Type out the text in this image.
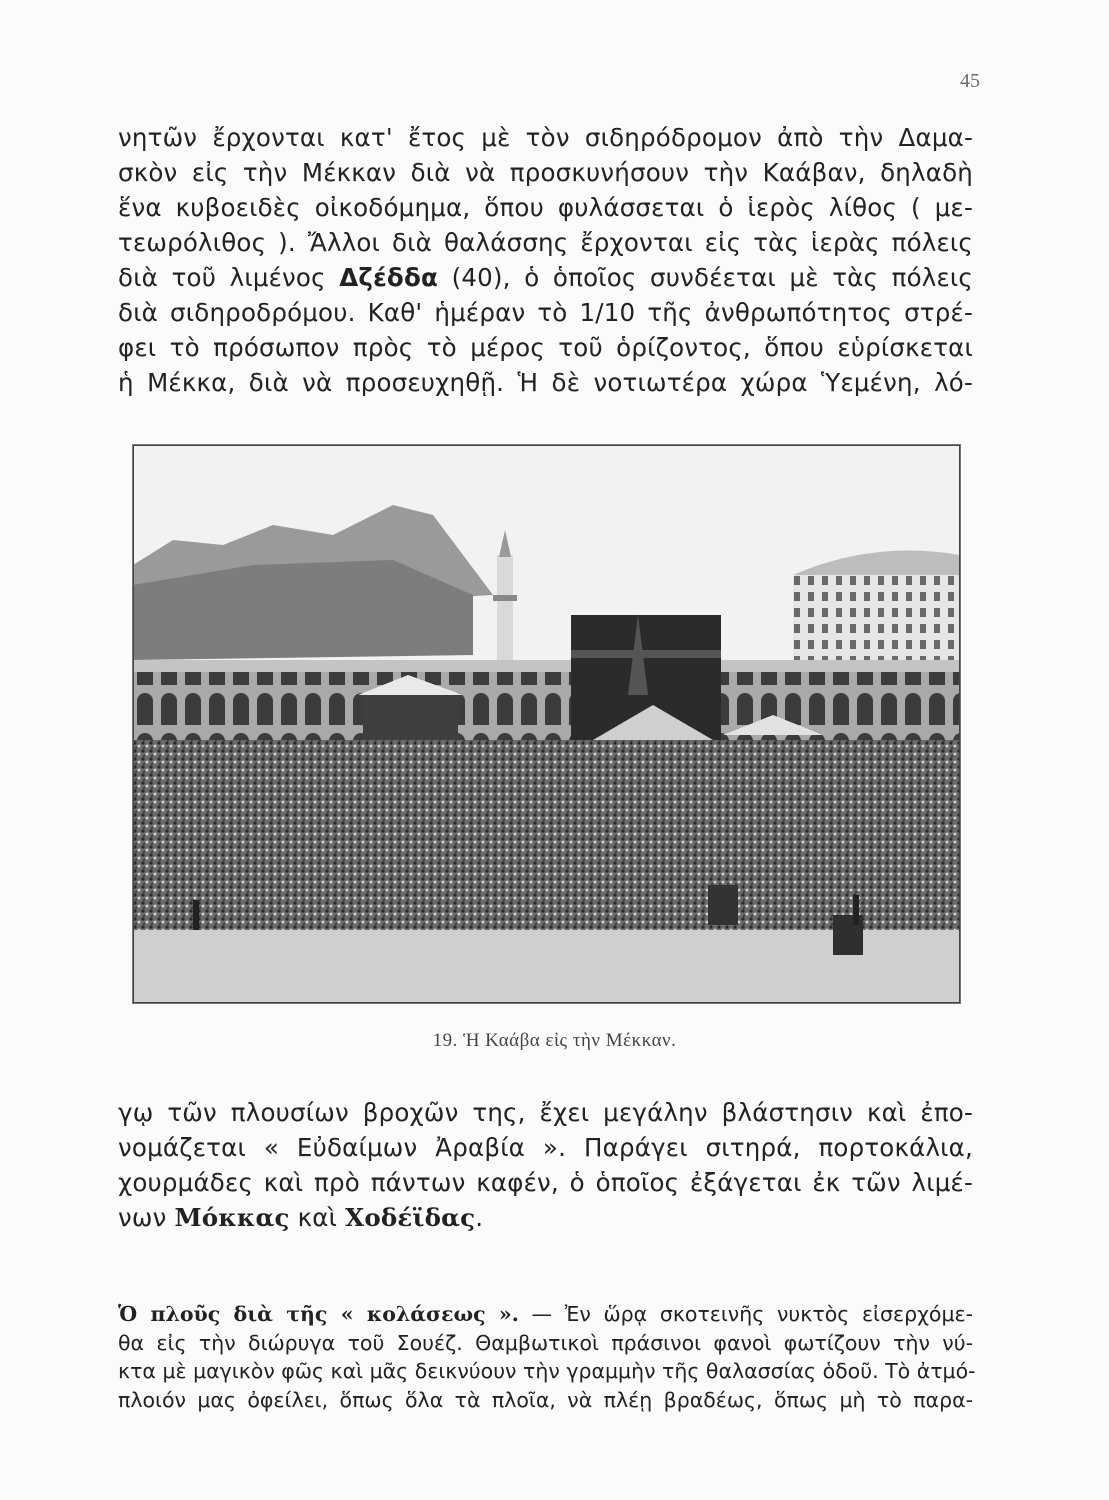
45
νητῶν ἔρχονται κατ' ἔτος μὲ τὸν σιδηρόδρομον ἀπὸ τὴν Δαμα-
σκὸν εἰς τὴν Μέκκαν διὰ νὰ προσκυνήσουν τὴν Καάβαν, δηλαδὴ
ἕνα κυβοειδὲς οἰκοδόμημα, ὅπου φυλάσσεται ὁ ἱερὸς λίθος ( με-
τεωρόλιθος ). Ἄλλοι διὰ θαλάσσης ἔρχονται εἰς τὰς ἱερὰς πόλεις
διὰ τοῦ λιμένος Δζέδδα (40), ὁ ὁποῖος συνδέεται μὲ τὰς πόλεις
διὰ σιδηροδρόμου. Καθ' ἡμέραν τὸ 1/10 τῆς ἀνθρωπότητος στρέ-
φει τὸ πρόσωπον πρὸς τὸ μέρος τοῦ ὁρίζοντος, ὅπου εὑρίσκεται
ἡ Μέκκα, διὰ νὰ προσευχηθῇ. Ἡ δὲ νοτιωτέρα χώρα Ὑεμένη, λό-
19. Ἡ Καάβα εἰς τὴν Μέκκαν.
γῳ τῶν πλουσίων βροχῶν της, ἔχει μεγάλην βλάστησιν καὶ ἐπο-
νομάζεται « Εὐδαίμων Ἀραβία ». Παράγει σιτηρά, πορτοκάλια,
χουρμάδες καὶ πρὸ πάντων καφέν, ὁ ὁποῖος ἐξάγεται ἐκ τῶν λιμέ-
νων Μόκκας καὶ Χοδέϊδας.
Ὁ πλοῦς διὰ τῆς « κολάσεως ». — Ἐν ὥρᾳ σκοτεινῆς νυκτὸς εἰσερχόμε-
θα εἰς τὴν διώρυγα τοῦ Σουέζ. Θαμβωτικοὶ πράσινοι φανοὶ φωτίζουν τὴν νύ-
κτα μὲ μαγικὸν φῶς καὶ μᾶς δεικνύουν τὴν γραμμὴν τῆς θαλασσίας ὁδοῦ. Τὸ ἀτμό-
πλοιόν μας ὀφείλει, ὅπως ὅλα τὰ πλοῖα, νὰ πλέῃ βραδέως, ὅπως μὴ τὸ παρα-
